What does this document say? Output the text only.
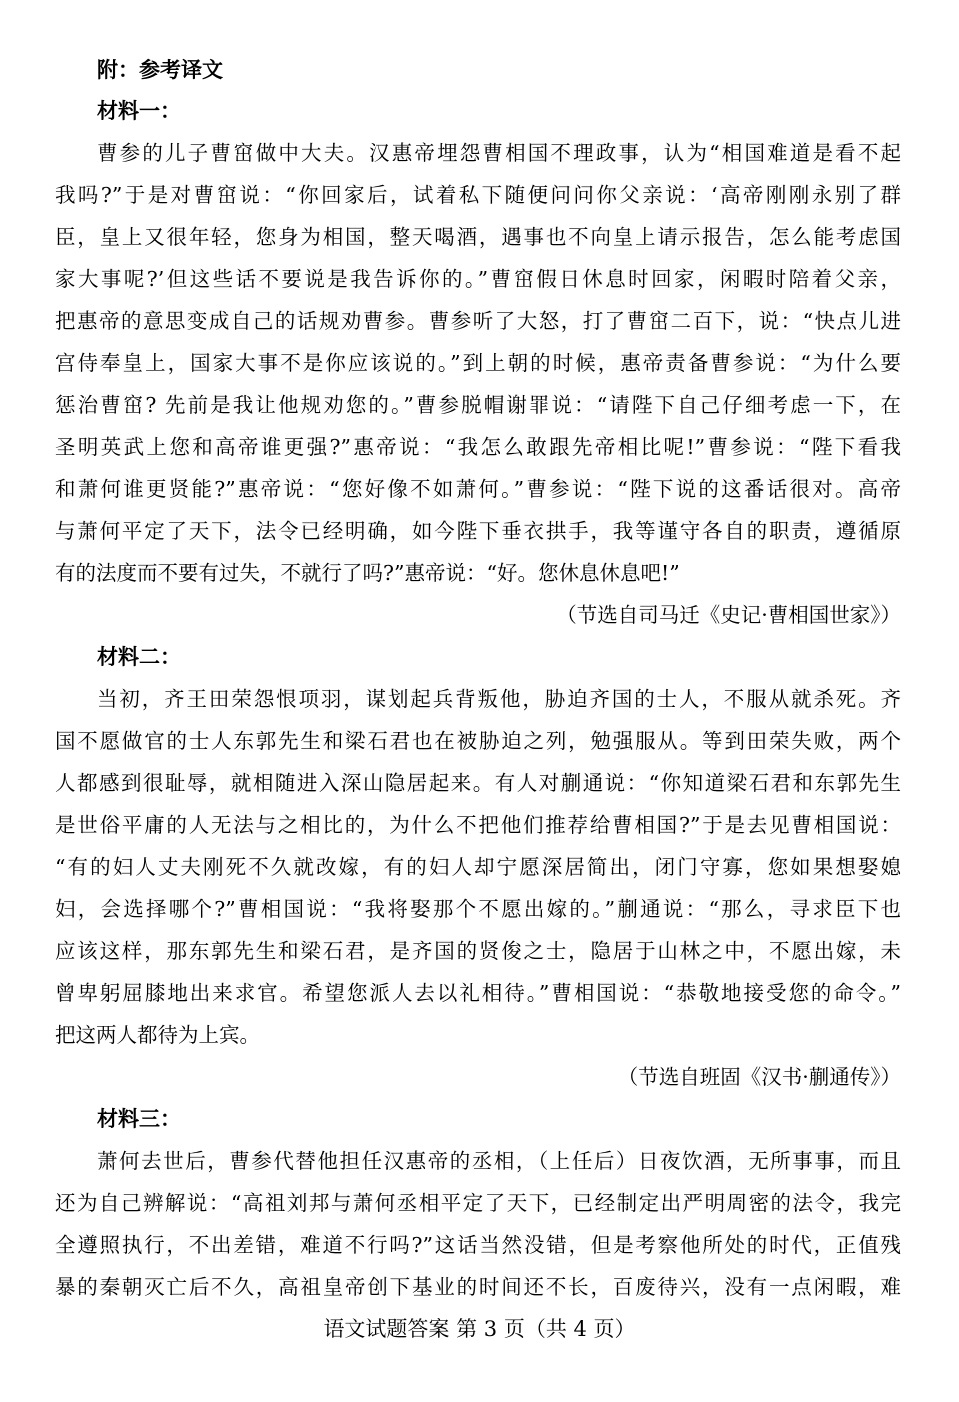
附：参考译文
材料一：
曹参的儿子曹窋做中大夫。汉惠帝埋怨曹相国不理政事，认为“相国难道是看不起
我吗?”于是对曹窋说：“你回家后，试着私下随便问问你父亲说：‘高帝刚刚永别了群
臣，皇上又很年轻，您身为相国，整天喝酒，遇事也不向皇上请示报告，怎么能考虑国
家大事呢?’但这些话不要说是我告诉你的。”曹窋假日休息时回家，闲暇时陪着父亲，
把惠帝的意思变成自己的话规劝曹参。曹参听了大怒，打了曹窋二百下，说：“快点儿进
宫侍奉皇上，国家大事不是你应该说的。”到上朝的时候，惠帝责备曹参说：“为什么要
惩治曹窋? 先前是我让他规劝您的。”曹参脱帽谢罪说：“请陛下自己仔细考虑一下，在
圣明英武上您和高帝谁更强?”惠帝说：“我怎么敢跟先帝相比呢!”曹参说：“陛下看我
和萧何谁更贤能?”惠帝说：“您好像不如萧何。”曹参说：“陛下说的这番话很对。高帝
与萧何平定了天下，法令已经明确，如今陛下垂衣拱手，我等谨守各自的职责，遵循原
有的法度而不要有过失，不就行了吗?”惠帝说：“好。您休息休息吧!”
（节选自司马迁《史记·曹相国世家》）
材料二：
当初，齐王田荣怨恨项羽，谋划起兵背叛他，胁迫齐国的士人，不服从就杀死。齐
国不愿做官的士人东郭先生和梁石君也在被胁迫之列，勉强服从。等到田荣失败，两个
人都感到很耻辱，就相随进入深山隐居起来。有人对蒯通说：“你知道梁石君和东郭先生
是世俗平庸的人无法与之相比的，为什么不把他们推荐给曹相国?”于是去见曹相国说：
“有的妇人丈夫刚死不久就改嫁，有的妇人却宁愿深居简出，闭门守寡，您如果想娶媳
妇，会选择哪个?”曹相国说：“我将娶那个不愿出嫁的。”蒯通说：“那么，寻求臣下也
应该这样，那东郭先生和梁石君，是齐国的贤俊之士，隐居于山林之中，不愿出嫁，未
曾卑躬屈膝地出来求官。希望您派人去以礼相待。”曹相国说：“恭敬地接受您的命令。”
把这两人都待为上宾。
（节选自班固《汉书·蒯通传》）
材料三：
萧何去世后，曹参代替他担任汉惠帝的丞相，（上任后）日夜饮酒，无所事事，而且
还为自己辨解说：“高祖刘邦与萧何丞相平定了天下，已经制定出严明周密的法令，我完
全遵照执行，不出差错，难道不行吗?”这话当然没错，但是考察他所处的时代，正值残
暴的秦朝灭亡后不久，高祖皇帝创下基业的时间还不长，百废待兴，没有一点闲暇，难
语文试题答案 第 3 页（共 4 页）
